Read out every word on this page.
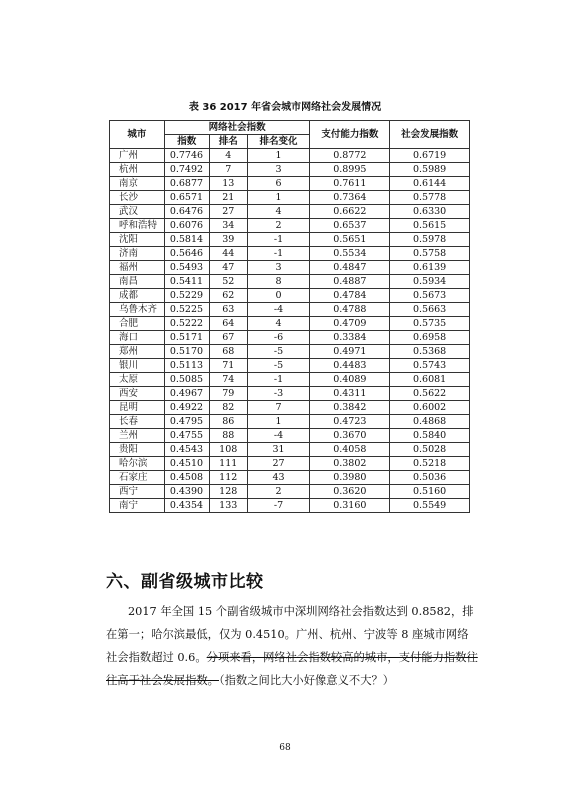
表 36 2017 年省会城市网络社会发展情况
城市	网络社会指数			支付能力指数	社会发展指数
	指数	排名	排名变化		
广州	0.7746	4	1	0.8772	0.6719
杭州	0.7492	7	3	0.8995	0.5989
南京	0.6877	13	6	0.7611	0.6144
长沙	0.6571	21	1	0.7364	0.5778
武汉	0.6476	27	4	0.6622	0.6330
呼和浩特	0.6076	34	2	0.6537	0.5615
沈阳	0.5814	39	-1	0.5651	0.5978
济南	0.5646	44	-1	0.5534	0.5758
福州	0.5493	47	3	0.4847	0.6139
南昌	0.5411	52	8	0.4887	0.5934
成都	0.5229	62	0	0.4784	0.5673
乌鲁木齐	0.5225	63	-4	0.4788	0.5663
合肥	0.5222	64	4	0.4709	0.5735
海口	0.5171	67	-6	0.3384	0.6958
郑州	0.5170	68	-5	0.4971	0.5368
银川	0.5113	71	-5	0.4483	0.5743
太原	0.5085	74	-1	0.4089	0.6081
西安	0.4967	79	-3	0.4311	0.5622
昆明	0.4922	82	7	0.3842	0.6002
长春	0.4795	86	1	0.4723	0.4868
兰州	0.4755	88	-4	0.3670	0.5840
贵阳	0.4543	108	31	0.4058	0.5028
哈尔滨	0.4510	111	27	0.3802	0.5218
石家庄	0.4508	112	43	0.3980	0.5036
西宁	0.4390	128	2	0.3620	0.5160
南宁	0.4354	133	-7	0.3160	0.5549
六、副省级城市比较

2017 年全国 15 个副省级城市中深圳网络社会指数达到 0.8582，排在第一；哈尔滨最低，仅为 0.4510。广州、杭州、宁波等 8 座城市网络社会指数超过 0.6。分项来看，网络社会指数较高的城市，支付能力指数往往高于社会发展指数。（指数之间比大小好像意义不大？）

68
